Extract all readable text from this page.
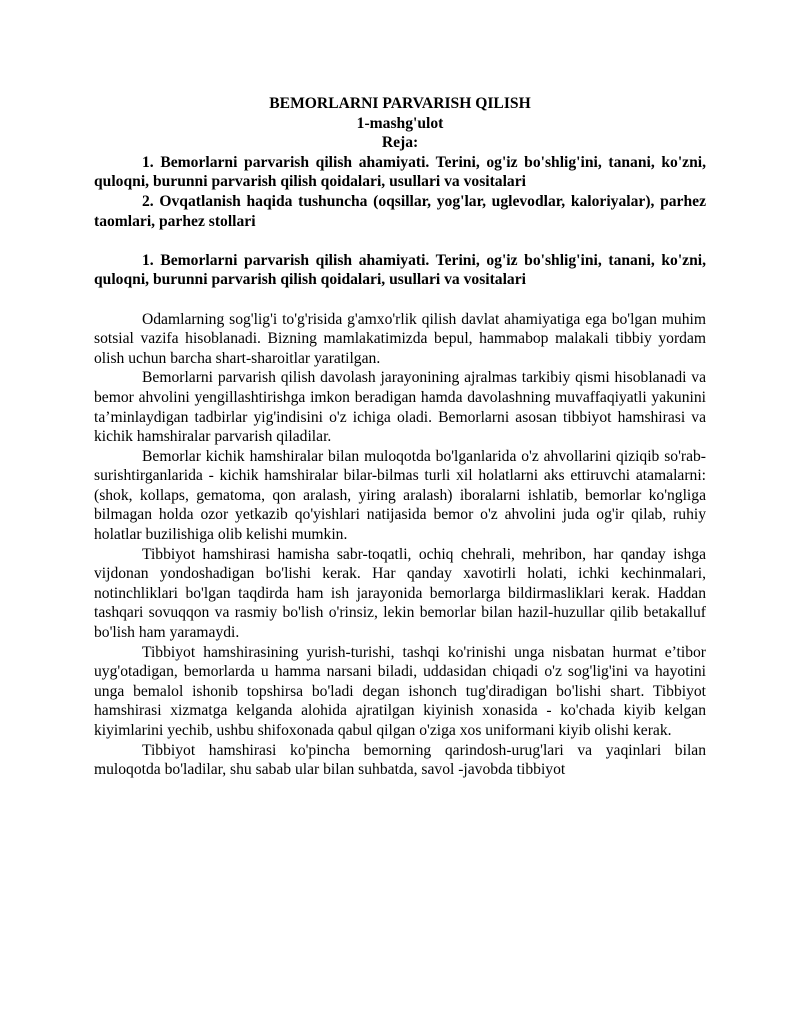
BEMORLARNI PARVARISH QILISH

1-mashg'ulot

Reja:

1. Bemorlarni parvarish qilish ahamiyati. Terini, og'iz bo'shlig'ini, tanani, ko'zni, quloqni, burunni parvarish qilish qoidalari, usullari va vositalari

2. Ovqatlanish haqida tushuncha (oqsillar, yog'lar, uglevodlar, kaloriyalar), parhez taomlari, parhez stollari

1. Bemorlarni parvarish qilish ahamiyati. Terini, og'iz bo'shlig'ini, tanani, ko'zni, quloqni, burunni parvarish qilish qoidalari, usullari va vositalari

Odamlarning sog'lig'i to'g'risida g'amxo'rlik qilish davlat ahamiyatiga ega bo'lgan muhim sotsial vazifa hisoblanadi. Bizning mamlakatimizda bepul, hammabop malakali tibbiy yordam olish uchun barcha shart-sharoitlar yaratilgan.

Bemorlarni parvarish qilish davolash jarayonining ajralmas tarkibiy qismi hisoblanadi va bemor ahvolini yengillashtirishga imkon beradigan hamda davolashning muvaffaqiyatli yakunini ta’minlaydigan tadbirlar yig'indisini o'z ichiga oladi. Bemorlarni asosan tibbiyot hamshirasi va kichik hamshiralar parvarish qiladilar.

Bemorlar kichik hamshiralar bilan muloqotda bo'lganlarida o'z ahvollarini qiziqib so'rab-surishtirganlarida - kichik hamshiralar bilar-bilmas turli xil holatlarni aks ettiruvchi atamalarni: (shok, kollaps, gematoma, qon aralash, yiring aralash) iboralarni ishlatib, bemorlar ko'ngliga bilmagan holda ozor yetkazib qo'yishlari natijasida bemor o'z ahvolini juda og'ir qilab, ruhiy holatlar buzilishiga olib kelishi mumkin.

Tibbiyot hamshirasi hamisha sabr-toqatli, ochiq chehrali, mehribon, har qanday ishga vijdonan yondoshadigan bo'lishi kerak. Har qanday xavotirli holati, ichki kechinmalari, notinchliklari bo'lgan taqdirda ham ish jarayonida bemorlarga bildirmasliklari kerak. Haddan tashqari sovuqqon va rasmiy bo'lish o'rinsiz, lekin bemorlar bilan hazil-huzullar qilib betakalluf bo'lish ham yaramaydi.

Tibbiyot hamshirasining yurish-turishi, tashqi ko'rinishi unga nisbatan hurmat e’tibor uyg'otadigan, bemorlarda u hamma narsani biladi, uddasidan chiqadi o'z sog'lig'ini va hayotini unga bemalol ishonib topshirsa bo'ladi degan ishonch tug'diradigan bo'lishi shart. Tibbiyot hamshirasi xizmatga kelganda alohida ajratilgan kiyinish xonasida - ko'chada kiyib kelgan kiyimlarini yechib, ushbu shifoxonada qabul qilgan o'ziga xos uniformani kiyib olishi kerak.

Tibbiyot hamshirasi ko'pincha bemorning qarindosh-urug'lari va yaqinlari bilan muloqotda bo'ladilar, shu sabab ular bilan suhbatda, savol -javobda tibbiyot
